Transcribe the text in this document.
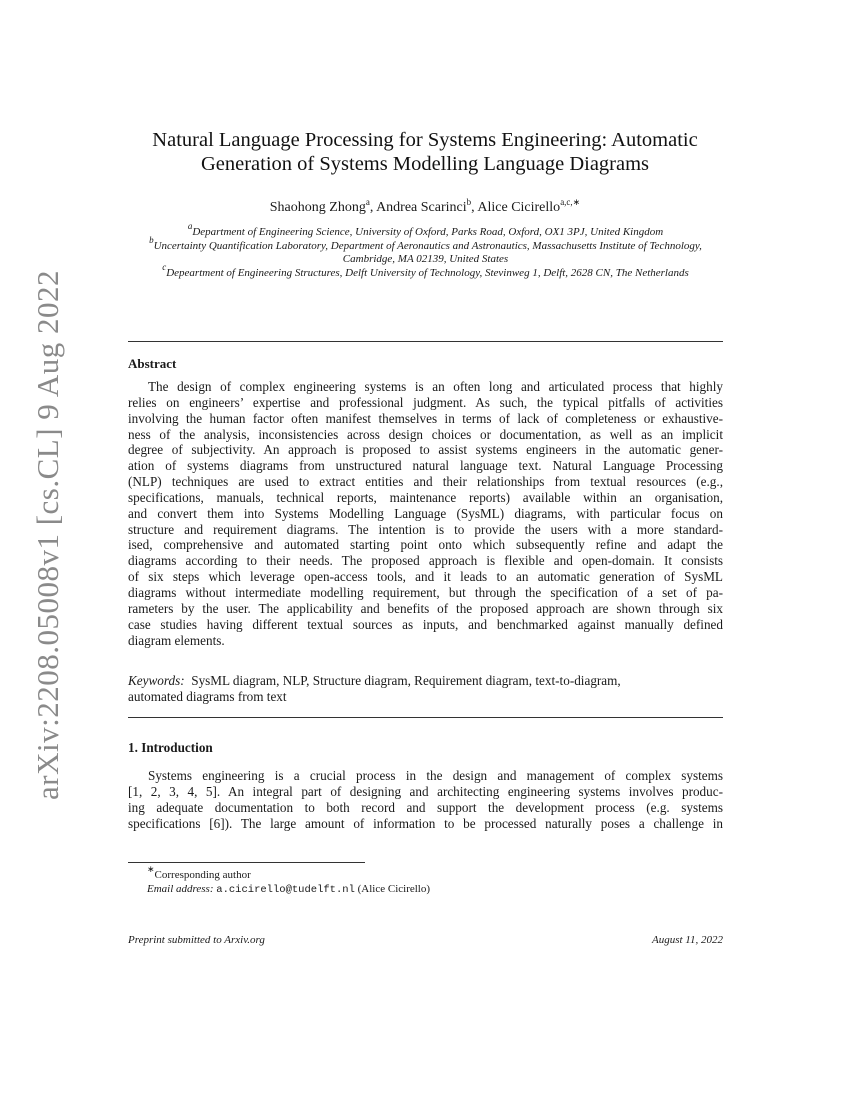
arXiv:2208.05008v1 [cs.CL] 9 Aug 2022
Natural Language Processing for Systems Engineering: Automatic
Generation of Systems Modelling Language Diagrams
Shaohong Zhong$^a$, Andrea Scarinci$^b$, Alice Cicirello$^{a,c,∗}$
$^a$Department of Engineering Science, University of Oxford, Parks Road, Oxford, OX1 3PJ, United Kingdom
$^b$Uncertainty Quantification Laboratory, Department of Aeronautics and Astronautics, Massachusetts Institute of Technology, Cambridge, MA 02139, United States
$^c$Depeartment of Engineering Structures, Delft University of Technology, Stevinweg 1, Delft, 2628 CN, The Netherlands
Abstract
The design of complex engineering systems is an often long and articulated process that highly
relies on engineers’ expertise and professional judgment. As such, the typical pitfalls of activities
involving the human factor often manifest themselves in terms of lack of completeness or exhaustive-
ness of the analysis, inconsistencies across design choices or documentation, as well as an implicit
degree of subjectivity. An approach is proposed to assist systems engineers in the automatic gener-
ation of systems diagrams from unstructured natural language text. Natural Language Processing
(NLP) techniques are used to extract entities and their relationships from textual resources (e.g.,
specifications, manuals, technical reports, maintenance reports) available within an organisation,
and convert them into Systems Modelling Language (SysML) diagrams, with particular focus on
structure and requirement diagrams. The intention is to provide the users with a more standard-
ised, comprehensive and automated starting point onto which subsequently refine and adapt the
diagrams according to their needs. The proposed approach is flexible and open-domain. It consists
of six steps which leverage open-access tools, and it leads to an automatic generation of SysML
diagrams without intermediate modelling requirement, but through the specification of a set of pa-
rameters by the user. The applicability and benefits of the proposed approach are shown through six
case studies having different textual sources as inputs, and benchmarked against manually defined
diagram elements.
Keywords: SysML diagram, NLP, Structure diagram, Requirement diagram, text-to-diagram,
automated diagrams from text
1. Introduction
Systems engineering is a crucial process in the design and management of complex systems
[1, 2, 3, 4, 5]. An integral part of designing and architecting engineering systems involves produc-
ing adequate documentation to both record and support the development process (e.g. systems
specifications [6]). The large amount of information to be processed naturally poses a challenge in
∗Corresponding author
Email address: a.cicirello@tudelft.nl (Alice Cicirello)
Preprint submitted to Arxiv.org	August 11, 2022
